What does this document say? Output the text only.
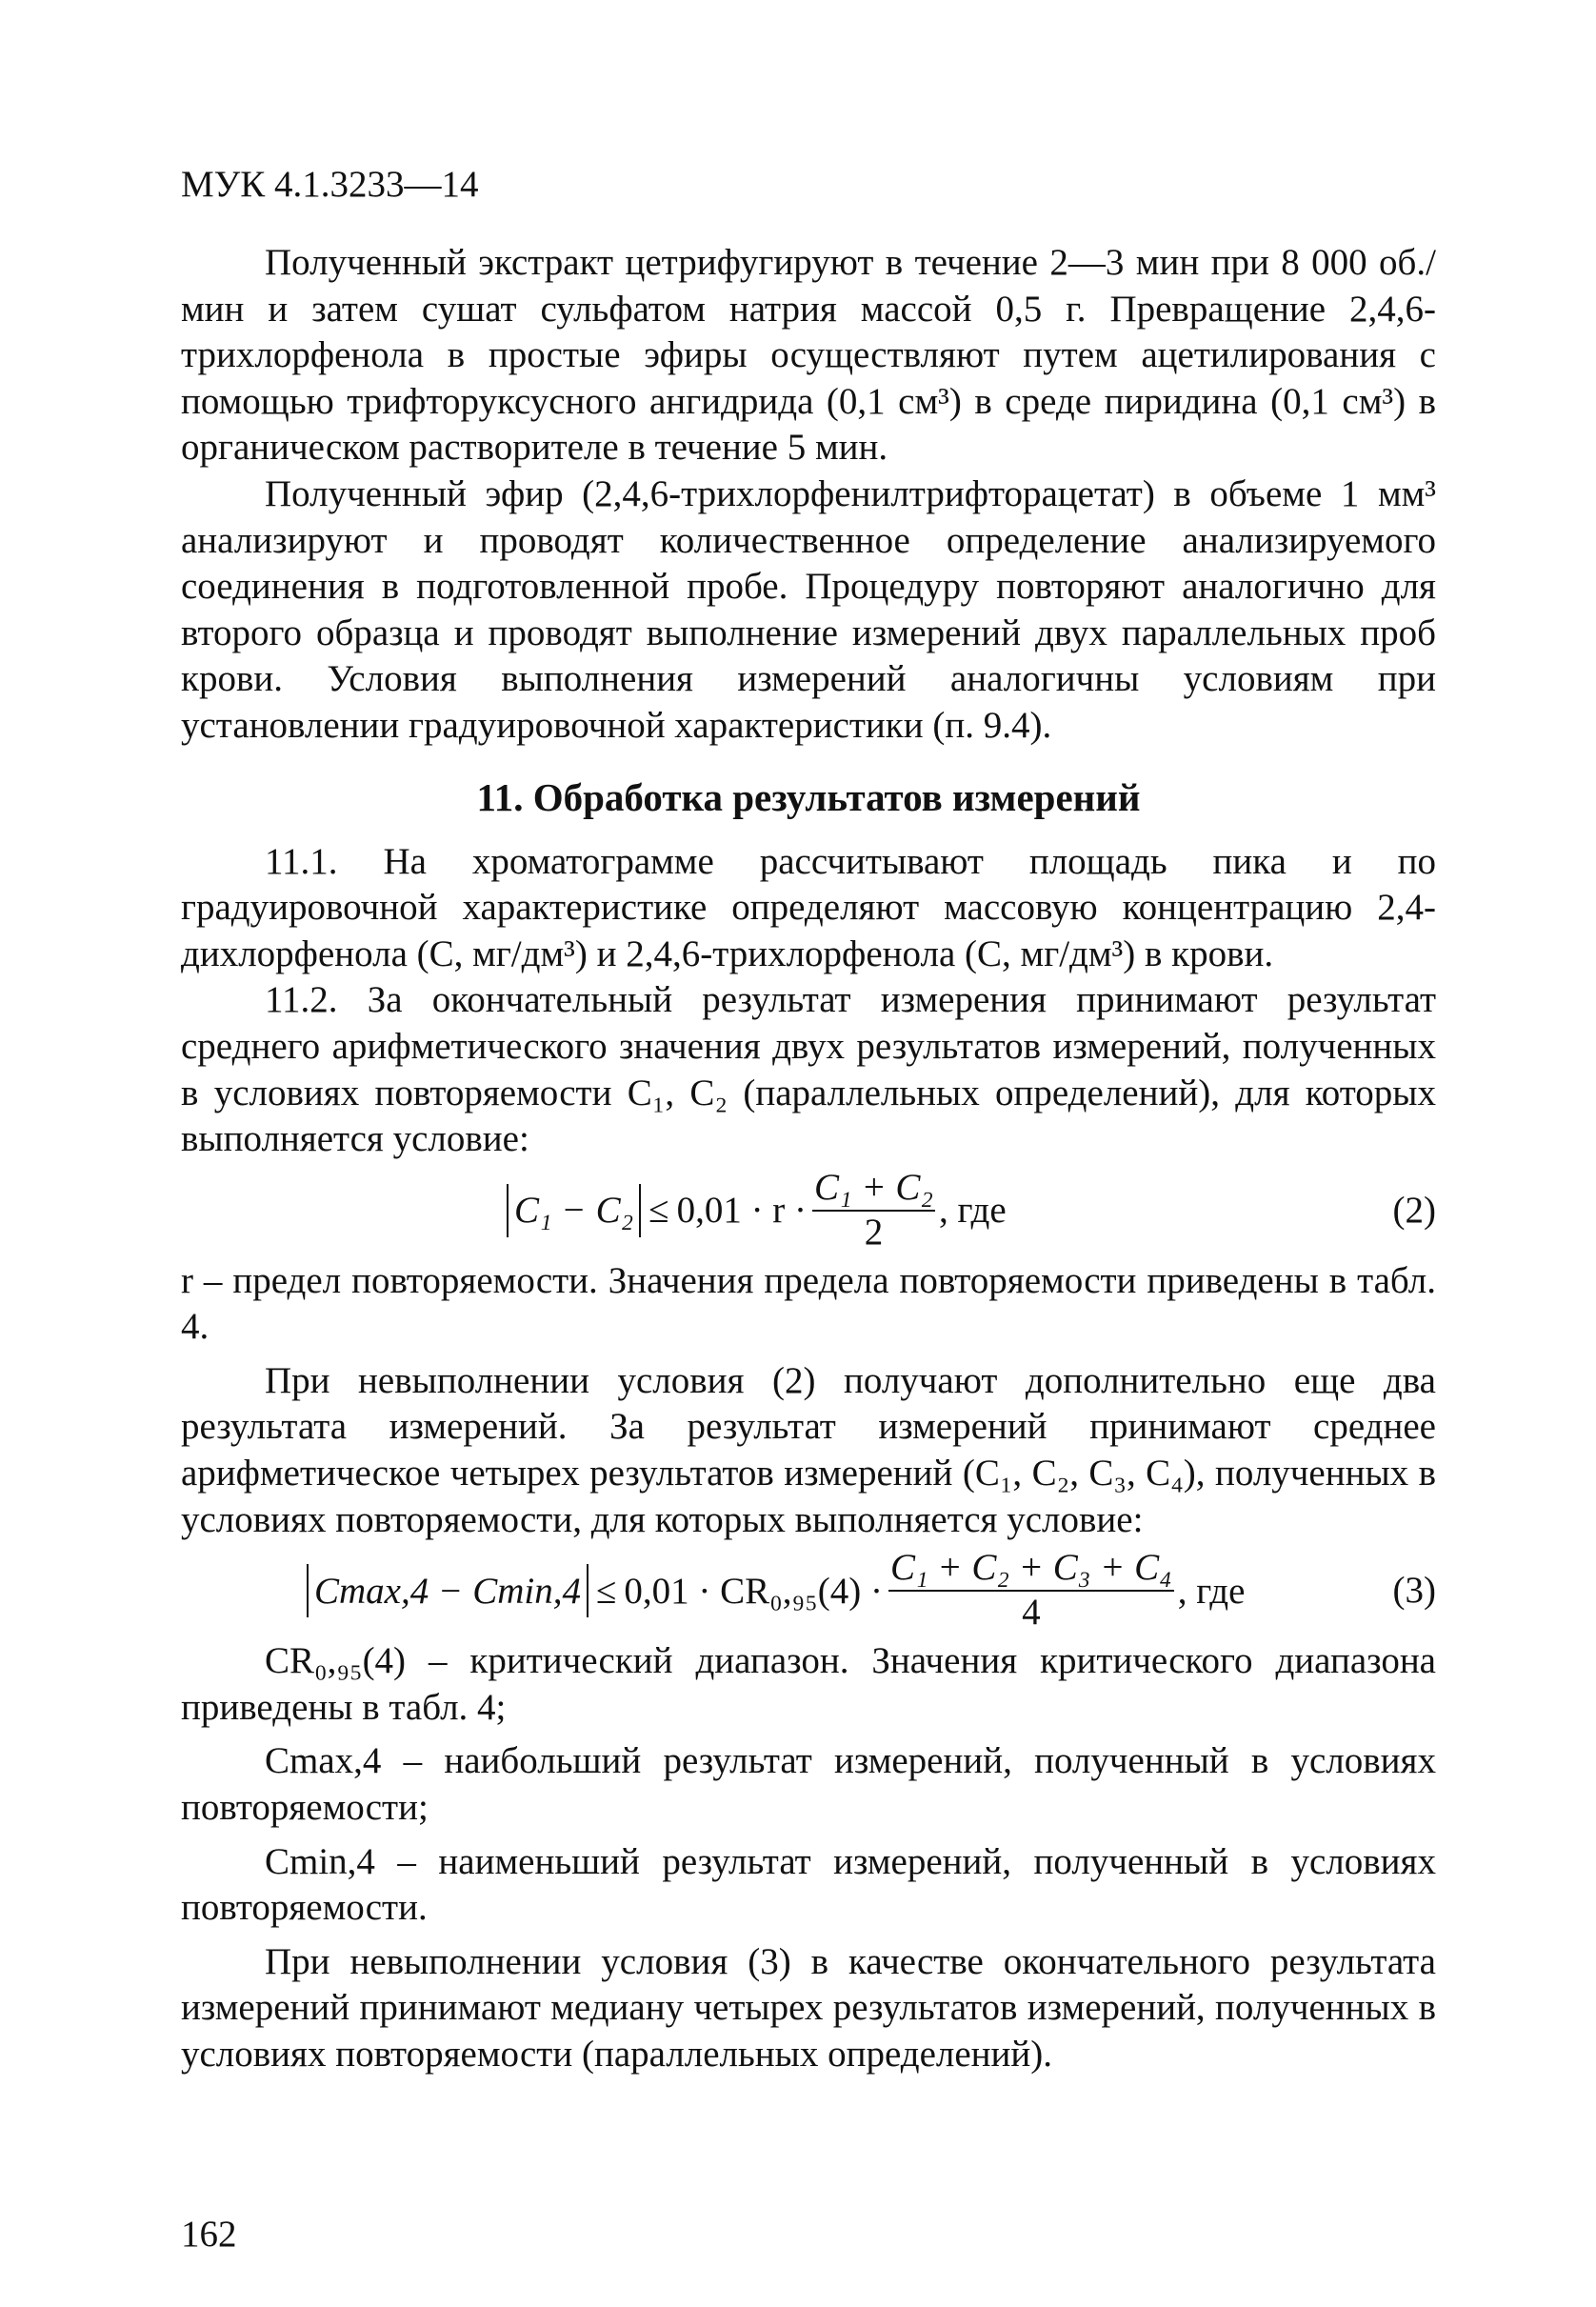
МУК 4.1.3233—14

Полученный экстракт цетрифугируют в течение 2—3 мин при 8 000 об./мин и затем сушат сульфатом натрия массой 0,5 г. Превращение 2,4,6-трихлорфенола в простые эфиры осуществляют путем ацетилирования с помощью трифторуксусного ангидрида (0,1 см³) в среде пиридина (0,1 см³) в органическом растворителе в течение 5 мин.

Полученный эфир (2,4,6-трихлорфенилтрифторацетат) в объеме 1 мм³ анализируют и проводят количественное определение анализируемого соединения в подготовленной пробе. Процедуру повторяют аналогично для второго образца и проводят выполнение измерений двух параллельных проб крови. Условия выполнения измерений аналогичны условиям при установлении градуировочной характеристики (п. 9.4).

11. Обработка результатов измерений

11.1. На хроматограмме рассчитывают площадь пика и по градуировочной характеристике определяют массовую концентрацию 2,4-дихлорфенола (С, мг/дм³) и 2,4,6-трихлорфенола (С, мг/дм³) в крови.

11.2. За окончательный результат измерения принимают результат среднего арифметического значения двух результатов измерений, полученных в условиях повторяемости C₁, C₂ (параллельных определений), для которых выполняется условие:

$C_1 - C_2 \le 0,01 \cdot r \cdot \frac{\text{C₁ + C₂}}{2}$ , где	(2)

r – предел повторяемости. Значения предела повторяемости приведены в табл. 4.

При невыполнении условия (2) получают дополнительно еще два результата измерений. За результат измерений принимают среднее арифметическое четырех результатов измерений (C₁, C₂, C₃, C₄), полученных в условиях повторяемости, для которых выполняется условие:

$Cmax,4 - Cmin,4 \le 0,01 \cdot CR_0,_{95}(4) \cdot \frac{\text{C₁ + C₂ + C₃ + C₄}}{4}$ , где	(3)

CR₀,₉₅(4) – критический диапазон. Значения критического диапазона приведены в табл. 4;

Cmax,4 – наибольший результат измерений, полученный в условиях повторяемости;

Cmin,4 – наименьший результат измерений, полученный в условиях повторяемости.

При невыполнении условия (3) в качестве окончательного результата измерений принимают медиану четырех результатов измерений, полученных в условиях повторяемости (параллельных определений).

162
